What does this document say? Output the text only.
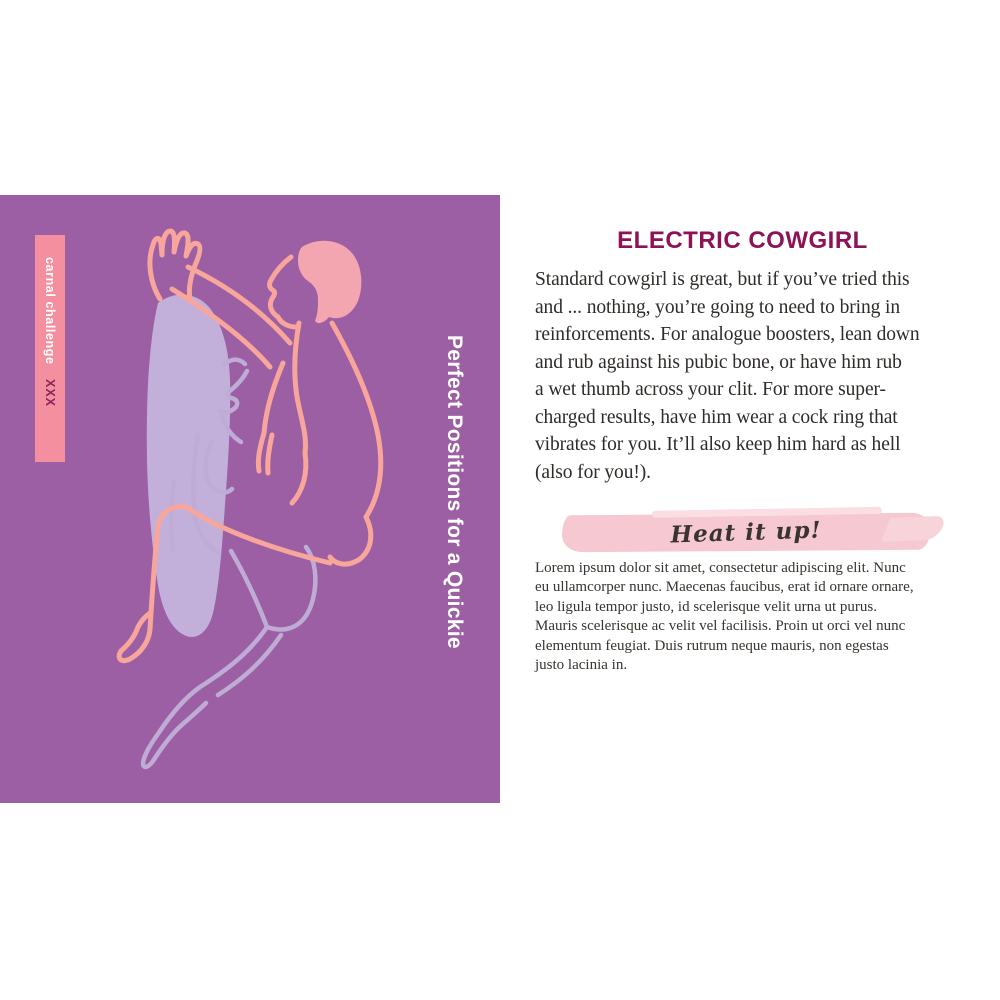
carnal challenge
XXX	Perfect Positions for a Quickie
ELECTRIC COWGIRL
Standard cowgirl is great, but if you’ve tried this
and ... nothing, you’re going to need to bring in
reinforcements. For analogue boosters, lean down
and rub against his pubic bone, or have him rub
a wet thumb across your clit. For more super-
charged results, have him wear a cock ring that
vibrates for you. It’ll also keep him hard as hell
(also for you!).
Heat it up!
Lorem ipsum dolor sit amet, consectetur adipiscing elit. Nunc
eu ullamcorper nunc. Maecenas faucibus, erat id ornare ornare,
leo ligula tempor justo, id scelerisque velit urna ut purus.
Mauris scelerisque ac velit vel facilisis. Proin ut orci vel nunc
elementum feugiat. Duis rutrum neque mauris, non egestas
justo lacinia in.
